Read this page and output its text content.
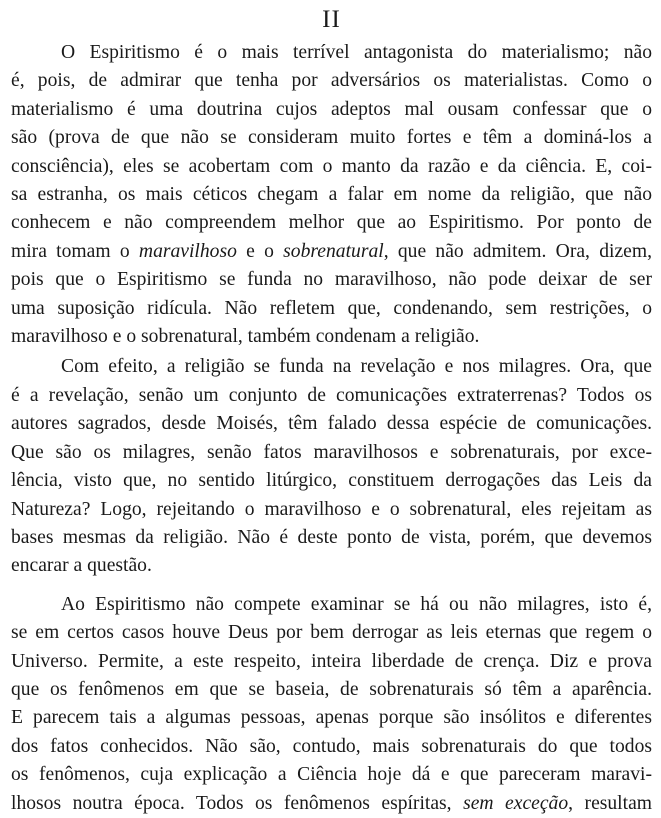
II
O Espiritismo é o mais terrível antagonista do materialismo; não
é, pois, de admirar que tenha por adversários os materialistas. Como o
materialismo é uma doutrina cujos adeptos mal ousam confessar que o
são (prova de que não se consideram muito fortes e têm a dominá-los a
consciência), eles se acobertam com o manto da razão e da ciência. E, coi-
sa estranha, os mais céticos chegam a falar em nome da religião, que não
conhecem e não compreendem melhor que ao Espiritismo. Por ponto de
mira tomam o maravilhoso e o sobrenatural, que não admitem. Ora, dizem,
pois que o Espiritismo se funda no maravilhoso, não pode deixar de ser
uma suposição ridícula. Não refletem que, condenando, sem restrições, o
maravilhoso e o sobrenatural, também condenam a religião.
Com efeito, a religião se funda na revelação e nos milagres. Ora, que
é a revelação, senão um conjunto de comunicações extraterrenas? Todos os
autores sagrados, desde Moisés, têm falado dessa espécie de comunicações.
Que são os milagres, senão fatos maravilhosos e sobrenaturais, por exce-
lência, visto que, no sentido litúrgico, constituem derrogações das Leis da
Natureza? Logo, rejeitando o maravilhoso e o sobrenatural, eles rejeitam as
bases mesmas da religião. Não é deste ponto de vista, porém, que devemos
encarar a questão.
Ao Espiritismo não compete examinar se há ou não milagres, isto é,
se em certos casos houve Deus por bem derrogar as leis eternas que regem o
Universo. Permite, a este respeito, inteira liberdade de crença. Diz e prova
que os fenômenos em que se baseia, de sobrenaturais só têm a aparência.
E parecem tais a algumas pessoas, apenas porque são insólitos e diferentes
dos fatos conhecidos. Não são, contudo, mais sobrenaturais do que todos
os fenômenos, cuja explicação a Ciência hoje dá e que pareceram maravi-
lhosos noutra época. Todos os fenômenos espíritas, sem exceção, resultam
